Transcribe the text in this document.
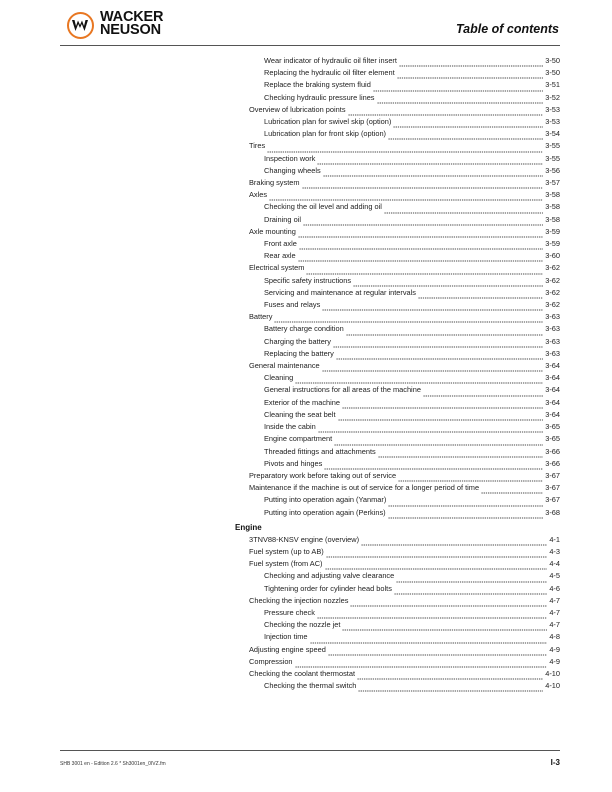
WACKER
NEUSON	Table of contents
Wear indicator of hydraulic oil filter insert	3-50
Replacing the hydraulic oil filter element	3-50
Replace the braking system fluid	3-51
Checking hydraulic pressure lines	3-52
Overview of lubrication points	3-53
Lubrication plan for swivel skip (option)	3-53
Lubrication plan for front skip (option)	3-54
Tires	3-55
Inspection work	3-55
Changing wheels	3-56
Braking system	3-57
Axles	3-58
Checking the oil level and adding oil	3-58
Draining oil	3-58
Axle mounting	3-59
Front axle	3-59
Rear axle	3-60
Electrical system	3-62
Specific safety instructions	3-62
Servicing and maintenance at regular intervals	3-62
Fuses and relays	3-62
Battery	3-63
Battery charge condition	3-63
Charging the battery	3-63
Replacing the battery	3-63
General maintenance	3-64
Cleaning	3-64
General instructions for all areas of the machine	3-64
Exterior of the machine	3-64
Cleaning the seat belt	3-64
Inside the cabin	3-65
Engine compartment	3-65
Threaded fittings and attachments	3-66
Pivots and hinges	3-66
Preparatory work before taking out of service	3-67
Maintenance if the machine is out of service for a longer period of time	3-67
Putting into operation again (Yanmar)	3-67
Putting into operation again (Perkins)	3-68
Engine
3TNV88-KNSV engine (overview)	4-1
Fuel system (up to AB)	4-3
Fuel system (from AC)	4-4
Checking and adjusting valve clearance	4-5
Tightening order for cylinder head bolts	4-6
Checking the injection nozzles	4-7
Pressure check	4-7
Checking the nozzle jet	4-7
Injection time	4-8
Adjusting engine speed	4-9
Compression	4-9
Checking the coolant thermostat	4-10
Checking the thermal switch	4-10
SHB 3001 en - Edition 2.6 * Sh3001en_0IVZ.fm	I-3
